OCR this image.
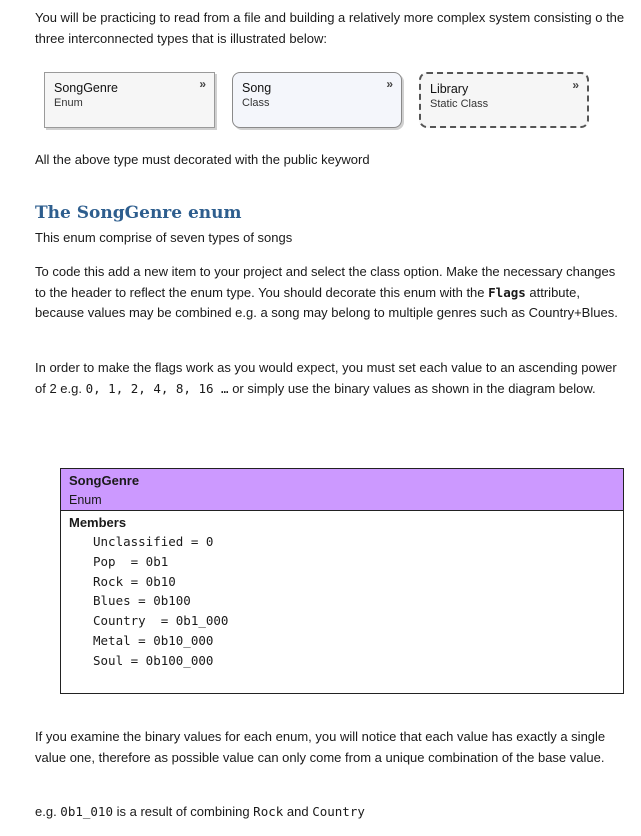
You will be practicing to read from a file and building a relatively more complex system consisting o the three interconnected types that is illustrated below:

SongGenre
Enum
»	Song
Class
»	Library
Static Class
»

All the above type must decorated with the public keyword

The SongGenre enum

This enum comprise of seven types of songs

To code this add a new item to your project and select the class option. Make the necessary changes to the header to reflect the enum type. You should decorate this enum with the Flags attribute, because values may be combined e.g. a song may belong to multiple genres such as Country+Blues.

In order to make the flags work as you would expect, you must set each value to an ascending power of 2 e.g. 0, 1, 2, 4, 8, 16 … or simply use the binary values as shown in the diagram below.

SongGenre
Enum
Members
Unclassified = 0
Pop  = 0b1
Rock = 0b10
Blues = 0b100
Country  = 0b1_000
Metal = 0b10_000
Soul = 0b100_000

If you examine the binary values for each enum, you will notice that each value has exactly a single value one, therefore as possible value can only come from a unique combination of the base value.

e.g. 0b1_010 is a result of combining Rock and Country
